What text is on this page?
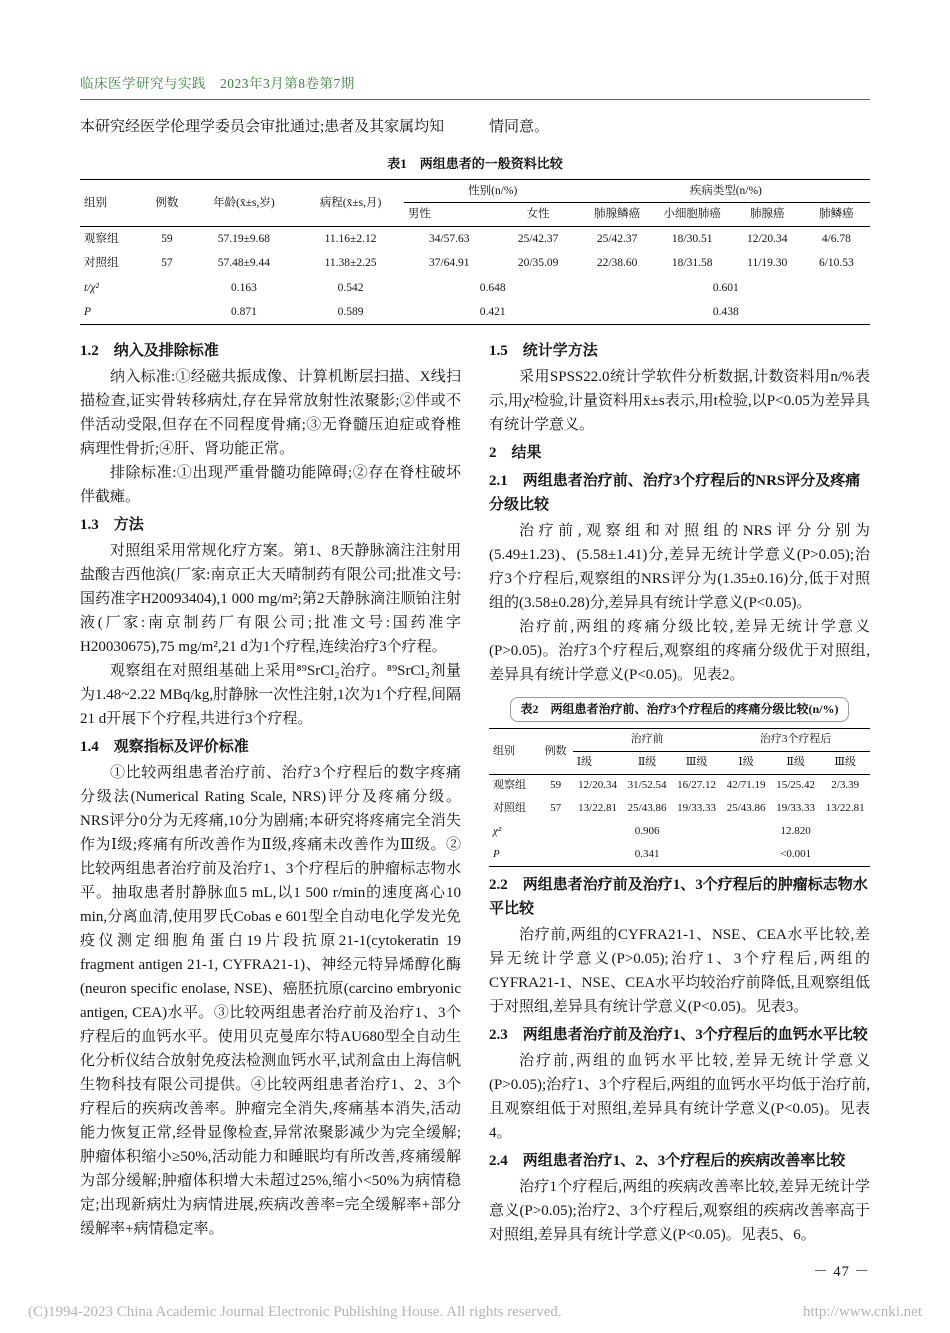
临床医学研究与实践　2023年3月第8卷第7期

本研究经医学伦理学委员会审批通过;患者及其家属均知	情同意。

表1　两组患者的一般资料比较
组别	例数	年龄(x̄±s,岁)	病程(x̄±s,月)	性别(n/%)		疾病类型(n/%)			
				男性	女性	肺腺鳞癌	小细胞肺癌	肺腺癌	肺鳞癌
观察组	59	57.19±9.68	11.16±2.12	34/57.63	25/42.37	25/42.37	18/30.51	12/20.34	4/6.78
对照组	57	57.48±9.44	11.38±2.25	37/64.91	20/35.09	22/38.60	18/31.58	11/19.30	6/10.53
t/χ²		0.163	0.542	0.648		0.601			
P		0.871	0.589	0.421		0.438			
1.2　纳入及排除标准

纳入标准:①经磁共振成像、计算机断层扫描、X线扫描检查,证实骨转移病灶,存在异常放射性浓聚影;②伴或不伴活动受限,但存在不同程度骨痛;③无脊髓压迫症或脊椎病理性骨折;④肝、肾功能正常。

排除标准:①出现严重骨髓功能障碍;②存在脊柱破坏伴截瘫。

1.3　方法

对照组采用常规化疗方案。第1、8天静脉滴注注射用盐酸吉西他滨(厂家:南京正大天晴制药有限公司;批准文号:国药准字H20093404),1 000 mg/m²;第2天静脉滴注顺铂注射液(厂家:南京制药厂有限公司;批准文号:国药准字H20030675),75 mg/m²,21 d为1个疗程,连续治疗3个疗程。

观察组在对照组基础上采用⁸⁹SrCl₂治疗。⁸⁹SrCl₂剂量为1.48~2.22 MBq/kg,肘静脉一次性注射,1次为1个疗程,间隔21 d开展下个疗程,共进行3个疗程。

1.4　观察指标及评价标准

①比较两组患者治疗前、治疗3个疗程后的数字疼痛分级法(Numerical Rating Scale, NRS)评分及疼痛分级。NRS评分0分为无疼痛,10分为剧痛;本研究将疼痛完全消失作为Ⅰ级;疼痛有所改善作为Ⅱ级,疼痛未改善作为Ⅲ级。②比较两组患者治疗前及治疗1、3个疗程后的肿瘤标志物水平。抽取患者肘静脉血5 mL,以1 500 r/min的速度离心10 min,分离血清,使用罗氏Cobas e 601型全自动电化学发光免疫仪测定细胞角蛋白19片段抗原21-1(cytokeratin 19 fragment antigen 21-1, CYFRA21-1)、神经元特异烯醇化酶(neuron specific enolase, NSE)、癌胚抗原(carcino embryonic antigen, CEA)水平。③比较两组患者治疗前及治疗1、3个疗程后的血钙水平。使用贝克曼库尔特AU680型全自动生化分析仪结合放射免疫法检测血钙水平,试剂盒由上海信帆生物科技有限公司提供。④比较两组患者治疗1、2、3个疗程后的疾病改善率。肿瘤完全消失,疼痛基本消失,活动能力恢复正常,经骨显像检查,异常浓聚影减少为完全缓解;肿瘤体积缩小≥50%,活动能力和睡眠均有所改善,疼痛缓解为部分缓解;肿瘤体积增大未超过25%,缩小<50%为病情稳定;出现新病灶为病情进展,疾病改善率=完全缓解率+部分缓解率+病情稳定率。

1.5　统计学方法

采用SPSS22.0统计学软件分析数据,计数资料用n/%表示,用χ²检验,计量资料用x̄±s表示,用t检验,以P<0.05为差异具有统计学意义。

2　结果
2.1　两组患者治疗前、治疗3个疗程后的NRS评分及疼痛分级比较

治疗前,观察组和对照组的NRS评分分别为(5.49±1.23)、(5.58±1.41)分,差异无统计学意义(P>0.05);治疗3个疗程后,观察组的NRS评分为(1.35±0.16)分,低于对照组的(3.58±0.28)分,差异具有统计学意义(P<0.05)。

治疗前,两组的疼痛分级比较,差异无统计学意义(P>0.05)。治疗3个疗程后,观察组的疼痛分级优于对照组,差异具有统计学意义(P<0.05)。见表2。

表2　两组患者治疗前、治疗3个疗程后的疼痛分级比较(n/%)
组别	例数	治疗前			治疗3个疗程后		
		Ⅰ级	Ⅱ级	Ⅲ级	Ⅰ级	Ⅱ级	Ⅲ级
观察组	59	12/20.34	31/52.54	16/27.12	42/71.19	15/25.42	2/3.39
对照组	57	13/22.81	25/43.86	19/33.33	25/43.86	19/33.33	13/22.81
χ²		0.906			12.820		
P		0.341			<0.001		
2.2　两组患者治疗前及治疗1、3个疗程后的肿瘤标志物水平比较

治疗前,两组的CYFRA21-1、NSE、CEA水平比较,差异无统计学意义(P>0.05);治疗1、3个疗程后,两组的CYFRA21-1、NSE、CEA水平均较治疗前降低,且观察组低于对照组,差异具有统计学意义(P<0.05)。见表3。

2.3　两组患者治疗前及治疗1、3个疗程后的血钙水平比较

治疗前,两组的血钙水平比较,差异无统计学意义(P>0.05);治疗1、3个疗程后,两组的血钙水平均低于治疗前,且观察组低于对照组,差异具有统计学意义(P<0.05)。见表4。

2.4　两组患者治疗1、2、3个疗程后的疾病改善率比较

治疗1个疗程后,两组的疾病改善率比较,差异无统计学意义(P>0.05);治疗2、3个疗程后,观察组的疾病改善率高于对照组,差异具有统计学意义(P<0.05)。见表5、6。

－ 47 －
(C)1994-2023 China Academic Journal Electronic Publishing House. All rights reserved.	http://www.cnki.net
